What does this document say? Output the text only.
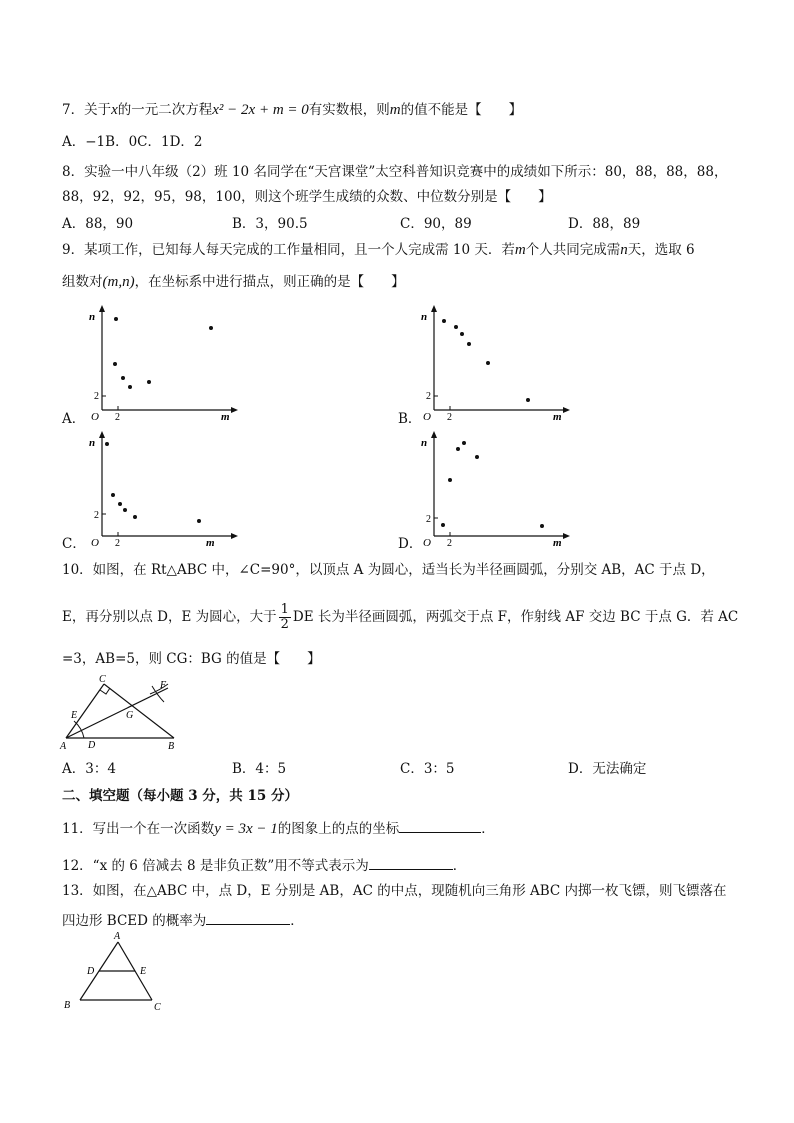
7．关于x的一元二次方程x² − 2x + m = 0有实数根，则m的值不能是【　　】
A．−1B．0C．1D．2
8．实验一中八年级（2）班 10 名同学在“天宫课堂”太空科普知识竞赛中的成绩如下所示：80，88，88，88，
88，92，92，95，98，100，则这个班学生成绩的众数、中位数分别是【　　】
A．88，90	B．3，90.5	C．90，89	D．88，89
9．某项工作，已知每人每天完成的工作量相同，且一个人完成需 10 天．若m个人共同完成需n天，选取 6
组数对(m,n)，在坐标系中进行描点，则正确的是【　　】
A．
n
m
O
2
2	B．
n
m
O
2
2
C．
n
m
O
2
2	D．
n
m
O
2
2
10．如图，在 Rt△ABC 中，∠C=90°，以顶点 A 为圆心，适当长为半径画圆弧，分别交 AB，AC 于点 D，
E，再分别以点 D，E 为圆心，大于 $\frac{1}{2}$ DE 长为半径画圆弧，两弧交于点 F，作射线 AF 交边 BC 于点 G．若 AC
=3，AB=5，则 CG：BG 的值是【　　】
A	B
C
D
E
F
G
A．3：4	B．4：5	C．3：5	D．无法确定
二、填空题（每小题 3 分，共 15 分）
11．写出一个在一次函数y = 3x − 1的图象上的点的坐标	．
12．“x 的 6 倍减去 8 是非负正数”用不等式表示为	．
13．如图，在△ABC 中，点 D，E 分别是 AB，AC 的中点，现随机向三角形 ABC 内掷一枚飞镖，则飞镖落在
四边形 BCED 的概率为	．
A
B	C
D	E
